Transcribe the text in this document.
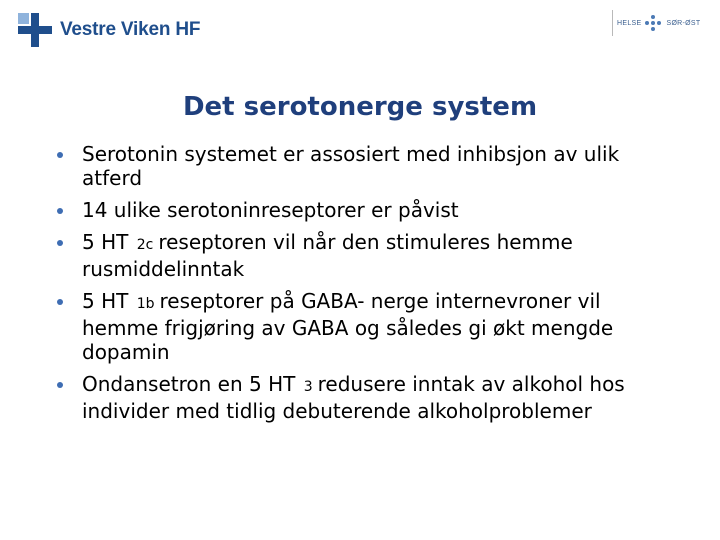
Vestre Viken HF	HELSE	SØR-ØST
Det serotonerge system
Serotonin systemet er assosiert med inhibsjon av ulik atferd
14 ulike serotoninreseptorer er påvist
5 HT 2c reseptoren vil når den stimuleres hemme rusmiddelinntak
5 HT 1b reseptorer på GABA- nerge internevroner vil hemme frigjøring av GABA og således gi økt mengde dopamin
Ondansetron en 5 HT 3 redusere inntak av alkohol hos individer med tidlig debuterende alkoholproblemer
